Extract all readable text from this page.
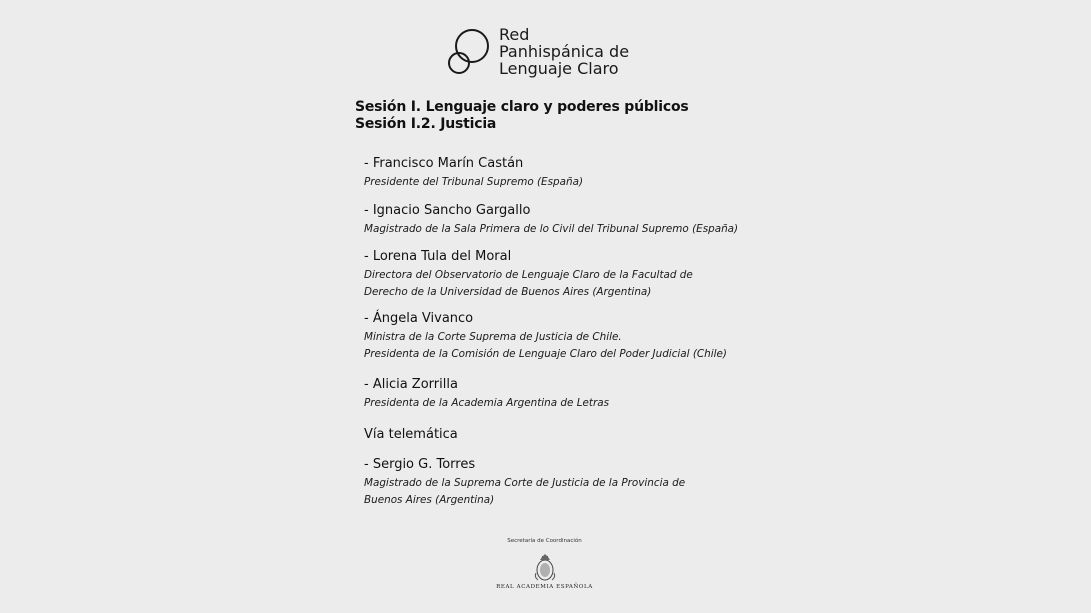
Red
Panhispánica de
Lenguaje Claro
Sesión I. Lenguaje claro y poderes públicos
Sesión I.2. Justicia
- Francisco Marín Castán
Presidente del Tribunal Supremo (España)
- Ignacio Sancho Gargallo
Magistrado de la Sala Primera de lo Civil del Tribunal Supremo (España)
- Lorena Tula del Moral
Directora del Observatorio de Lenguaje Claro de la Facultad de
Derecho de la Universidad de Buenos Aires (Argentina)
- Ángela Vivanco
Ministra de la Corte Suprema de Justicia de Chile.
Presidenta de la Comisión de Lenguaje Claro del Poder Judicial (Chile)
- Alicia Zorrilla
Presidenta de la Academia Argentina de Letras
Vía telemática
- Sergio G. Torres
Magistrado de la Suprema Corte de Justicia de la Provincia de
Buenos Aires (Argentina)
Secretaría de Coordinación
REAL ACADEMIA ESPAÑOLA
